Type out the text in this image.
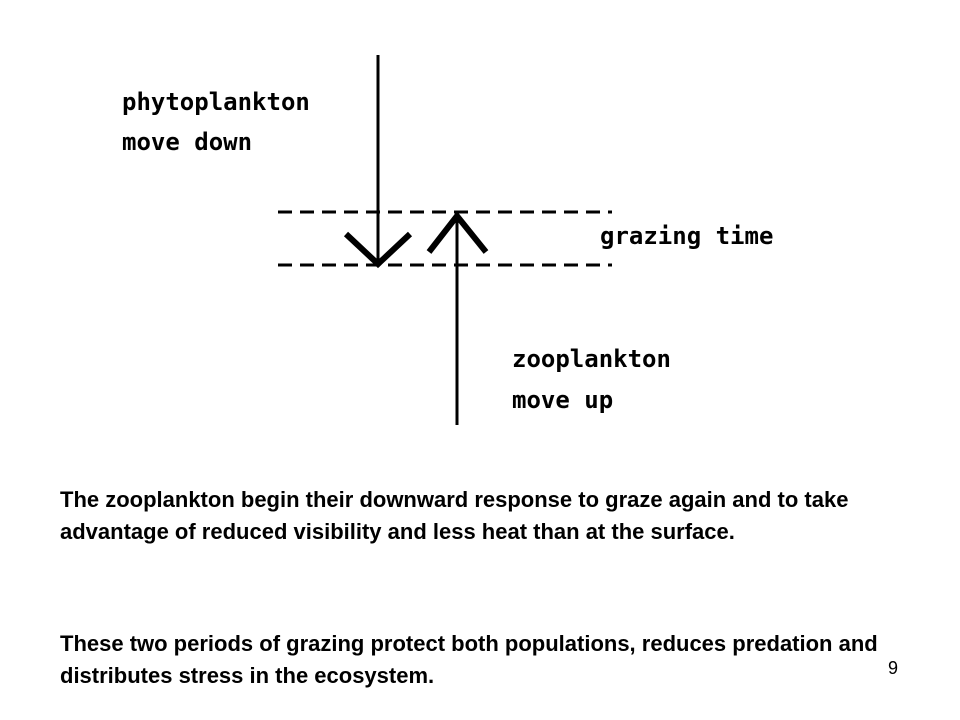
phytoplankton
move down
grazing time
zooplankton
move up

The zooplankton begin their downward response to graze again and to take advantage of reduced visibility and less heat than at the surface.

These two periods of grazing protect both populations, reduces predation and distributes stress in the ecosystem.	9
